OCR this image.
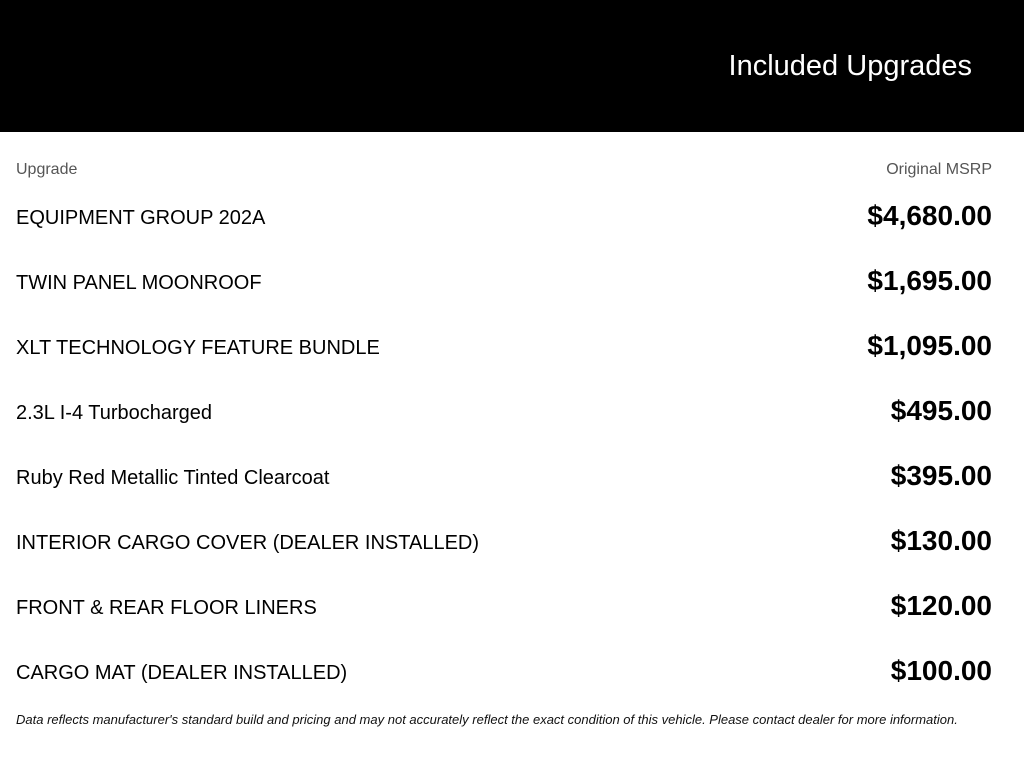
Included Upgrades
Upgrade	Original MSRP
EQUIPMENT GROUP 202A	$4,680.00
TWIN PANEL MOONROOF	$1,695.00
XLT TECHNOLOGY FEATURE BUNDLE	$1,095.00
2.3L I-4 Turbocharged	$495.00
Ruby Red Metallic Tinted Clearcoat	$395.00
INTERIOR CARGO COVER (DEALER INSTALLED)	$130.00
FRONT & REAR FLOOR LINERS	$120.00
CARGO MAT (DEALER INSTALLED)	$100.00
Data reflects manufacturer's standard build and pricing and may not accurately reflect the exact condition of this vehicle. Please contact dealer for more information.
